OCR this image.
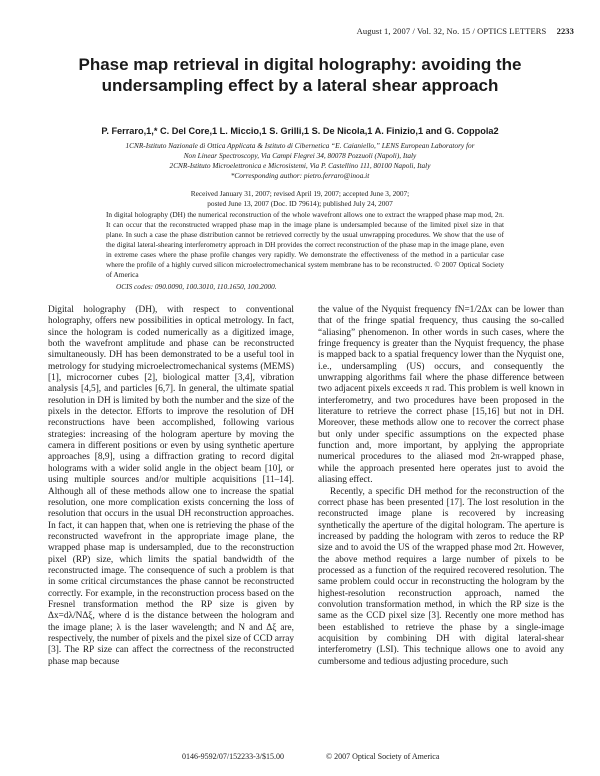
August 1, 2007 / Vol. 32, No. 15 / OPTICS LETTERS 2233
Phase map retrieval in digital holography: avoiding the undersampling effect by a lateral shear approach
P. Ferraro,1,* C. Del Core,1 L. Miccio,1 S. Grilli,1 S. De Nicola,1 A. Finizio,1 and G. Coppola2
1CNR-Istituto Nazionale di Ottica Applicata & Istituto di Cibernetica “E. Caianiello,” LENS European Laboratory for
Non Linear Spectroscopy, Via Campi Flegrei 34, 80078 Pozzuoli (Napoli), Italy
2CNR-Istituto Microelettronica e Microsistemi, Via P. Castellino 111, 80100 Napoli, Italy
*Corresponding author: pietro.ferraro@inoa.it
Received January 31, 2007; revised April 19, 2007; accepted June 3, 2007;
posted June 13, 2007 (Doc. ID 79614); published July 24, 2007
In digital holography (DH) the numerical reconstruction of the whole wavefront allows one to extract the wrapped phase map mod, 2π. It can occur that the reconstructed wrapped phase map in the image plane is undersampled because of the limited pixel size in that plane. In such a case the phase distribution cannot be retrieved correctly by the usual unwrapping procedures. We show that the use of the digital lateral-shearing interferometry approach in DH provides the correct reconstruction of the phase map in the image plane, even in extreme cases where the phase profile changes very rapidly. We demonstrate the effectiveness of the method in a particular case where the profile of a highly curved silicon microelectromechanical system membrane has to be reconstructed. © 2007 Optical Society of America
OCIS codes: 090.0090, 100.3010, 110.1650, 100.2000.

Digital holography (DH), with respect to conventional holography, offers new possibilities in optical metrology. In fact, since the hologram is coded numerically as a digitized image, both the wavefront amplitude and phase can be reconstructed simultaneously. DH has been demonstrated to be a useful tool in metrology for studying microelectromechanical systems (MEMS) [1], microcorner cubes [2], biological matter [3,4], vibration analysis [4,5], and particles [6,7]. In general, the ultimate spatial resolution in DH is limited by both the number and the size of the pixels in the detector. Efforts to improve the resolution of DH reconstructions have been accomplished, following various strategies: increasing of the hologram aperture by moving the camera in different positions or even by using synthetic aperture approaches [8,9], using a diffraction grating to record digital holograms with a wider solid angle in the object beam [10], or using multiple sources and/or multiple acquisitions [11–14]. Although all of these methods allow one to increase the spatial resolution, one more complication exists concerning the loss of resolution that occurs in the usual DH reconstruction approaches. In fact, it can happen that, when one is retrieving the phase of the reconstructed wavefront in the appropriate image plane, the wrapped phase map is undersampled, due to the reconstruction pixel (RP) size, which limits the spatial bandwidth of the reconstructed image. The consequence of such a problem is that in some critical circumstances the phase cannot be reconstructed correctly. For example, in the reconstruction process based on the Fresnel transformation method the RP size is given by Δx=dλ/NΔξ, where d is the distance between the hologram and the image plane; λ is the laser wavelength; and N and Δξ are, respectively, the number of pixels and the pixel size of CCD array [3]. The RP size can affect the correctness of the reconstructed phase map because

the value of the Nyquist frequency fN=1/2Δx can be lower than that of the fringe spatial frequency, thus causing the so-called “aliasing” phenomenon. In other words in such cases, where the fringe frequency is greater than the Nyquist frequency, the phase is mapped back to a spatial frequency lower than the Nyquist one, i.e., undersampling (US) occurs, and consequently the unwrapping algorithms fail where the phase difference between two adjacent pixels exceeds π rad. This problem is well known in interferometry, and two procedures have been proposed in the literature to retrieve the correct phase [15,16] but not in DH. Moreover, these methods allow one to recover the correct phase but only under specific assumptions on the expected phase function and, more important, by applying the appropriate numerical procedures to the aliased mod 2π-wrapped phase, while the approach presented here operates just to avoid the aliasing effect.

Recently, a specific DH method for the reconstruction of the correct phase has been presented [17]. The lost resolution in the reconstructed image plane is recovered by increasing synthetically the aperture of the digital hologram. The aperture is increased by padding the hologram with zeros to reduce the RP size and to avoid the US of the wrapped phase mod 2π. However, the above method requires a large number of pixels to be processed as a function of the required recovered resolution. The same problem could occur in reconstructing the hologram by the highest-resolution reconstruction approach, named the convolution transformation method, in which the RP size is the same as the CCD pixel size [3]. Recently one more method has been established to retrieve the phase by a single-image acquisition by combining DH with digital lateral-shear interferometry (LSI). This technique allows one to avoid any cumbersome and tedious adjusting procedure, such

0146-9592/07/152233-3/$15.00	© 2007 Optical Society of America
